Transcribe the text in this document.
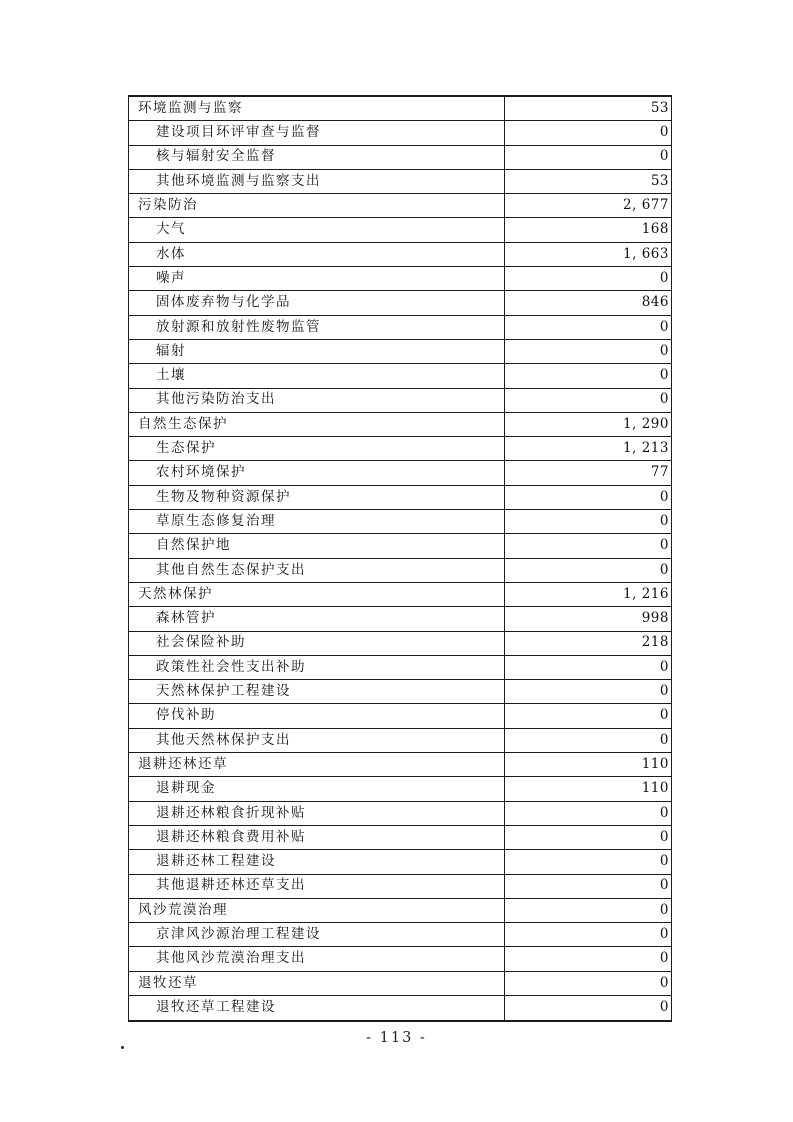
环境监测与监察	53
建设项目环评审查与监督	0
核与辐射安全监督	0
其他环境监测与监察支出	53
污染防治	2, 677
大气	168
水体	1, 663
噪声	0
固体废弃物与化学品	846
放射源和放射性废物监管	0
辐射	0
土壤	0
其他污染防治支出	0
自然生态保护	1, 290
生态保护	1, 213
农村环境保护	77
生物及物种资源保护	0
草原生态修复治理	0
自然保护地	0
其他自然生态保护支出	0
天然林保护	1, 216
森林管护	998
社会保险补助	218
政策性社会性支出补助	0
天然林保护工程建设	0
停伐补助	0
其他天然林保护支出	0
退耕还林还草	110
退耕现金	110
退耕还林粮食折现补贴	0
退耕还林粮食费用补贴	0
退耕还林工程建设	0
其他退耕还林还草支出	0
风沙荒漠治理	0
京津风沙源治理工程建设	0
其他风沙荒漠治理支出	0
退牧还草	0
退牧还草工程建设	0
- 113 -
